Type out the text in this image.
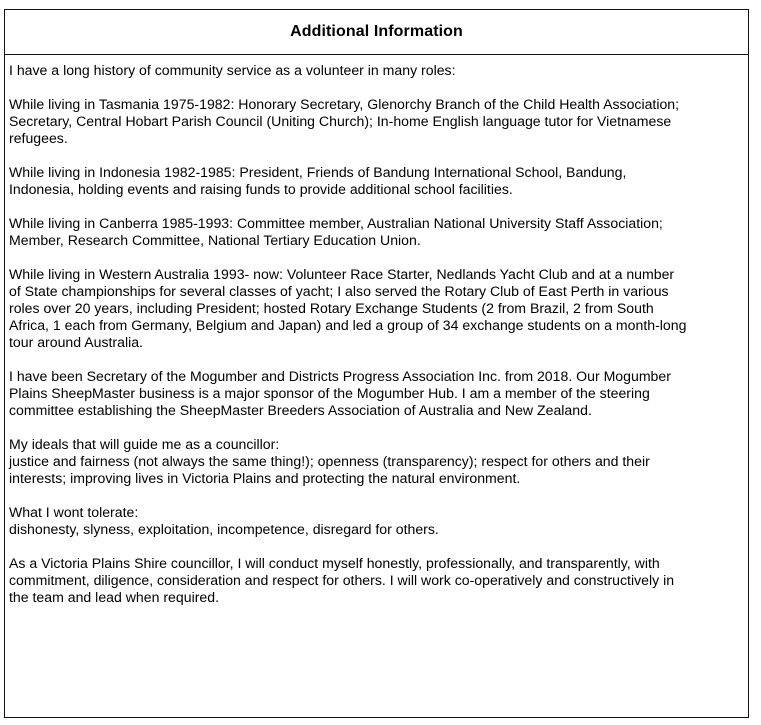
Additional Information
I have a long history of community service as a volunteer in many roles:
While living in Tasmania 1975-1982: Honorary Secretary, Glenorchy Branch of the Child Health Association;
Secretary, Central Hobart Parish Council (Uniting Church); In-home English language tutor for Vietnamese
refugees.
While living in Indonesia 1982-1985: President, Friends of Bandung International School, Bandung,
Indonesia, holding events and raising funds to provide additional school facilities.
While living in Canberra 1985-1993: Committee member, Australian National University Staff Association;
Member, Research Committee, National Tertiary Education Union.
While living in Western Australia 1993- now: Volunteer Race Starter, Nedlands Yacht Club and at a number
of State championships for several classes of yacht; I also served the Rotary Club of East Perth in various
roles over 20 years, including President; hosted Rotary Exchange Students (2 from Brazil, 2 from South
Africa, 1 each from Germany, Belgium and Japan) and led a group of 34 exchange students on a month-long
tour around Australia.
I have been Secretary of the Mogumber and Districts Progress Association Inc. from 2018. Our Mogumber
Plains SheepMaster business is a major sponsor of the Mogumber Hub. I am a member of the steering
committee establishing the SheepMaster Breeders Association of Australia and New Zealand.
My ideals that will guide me as a councillor:
justice and fairness (not always the same thing!); openness (transparency); respect for others and their
interests; improving lives in Victoria Plains and protecting the natural environment.
What I wont tolerate:
dishonesty, slyness, exploitation, incompetence, disregard for others.
As a Victoria Plains Shire councillor, I will conduct myself honestly, professionally, and transparently, with
commitment, diligence, consideration and respect for others. I will work co-operatively and constructively in
the team and lead when required.
